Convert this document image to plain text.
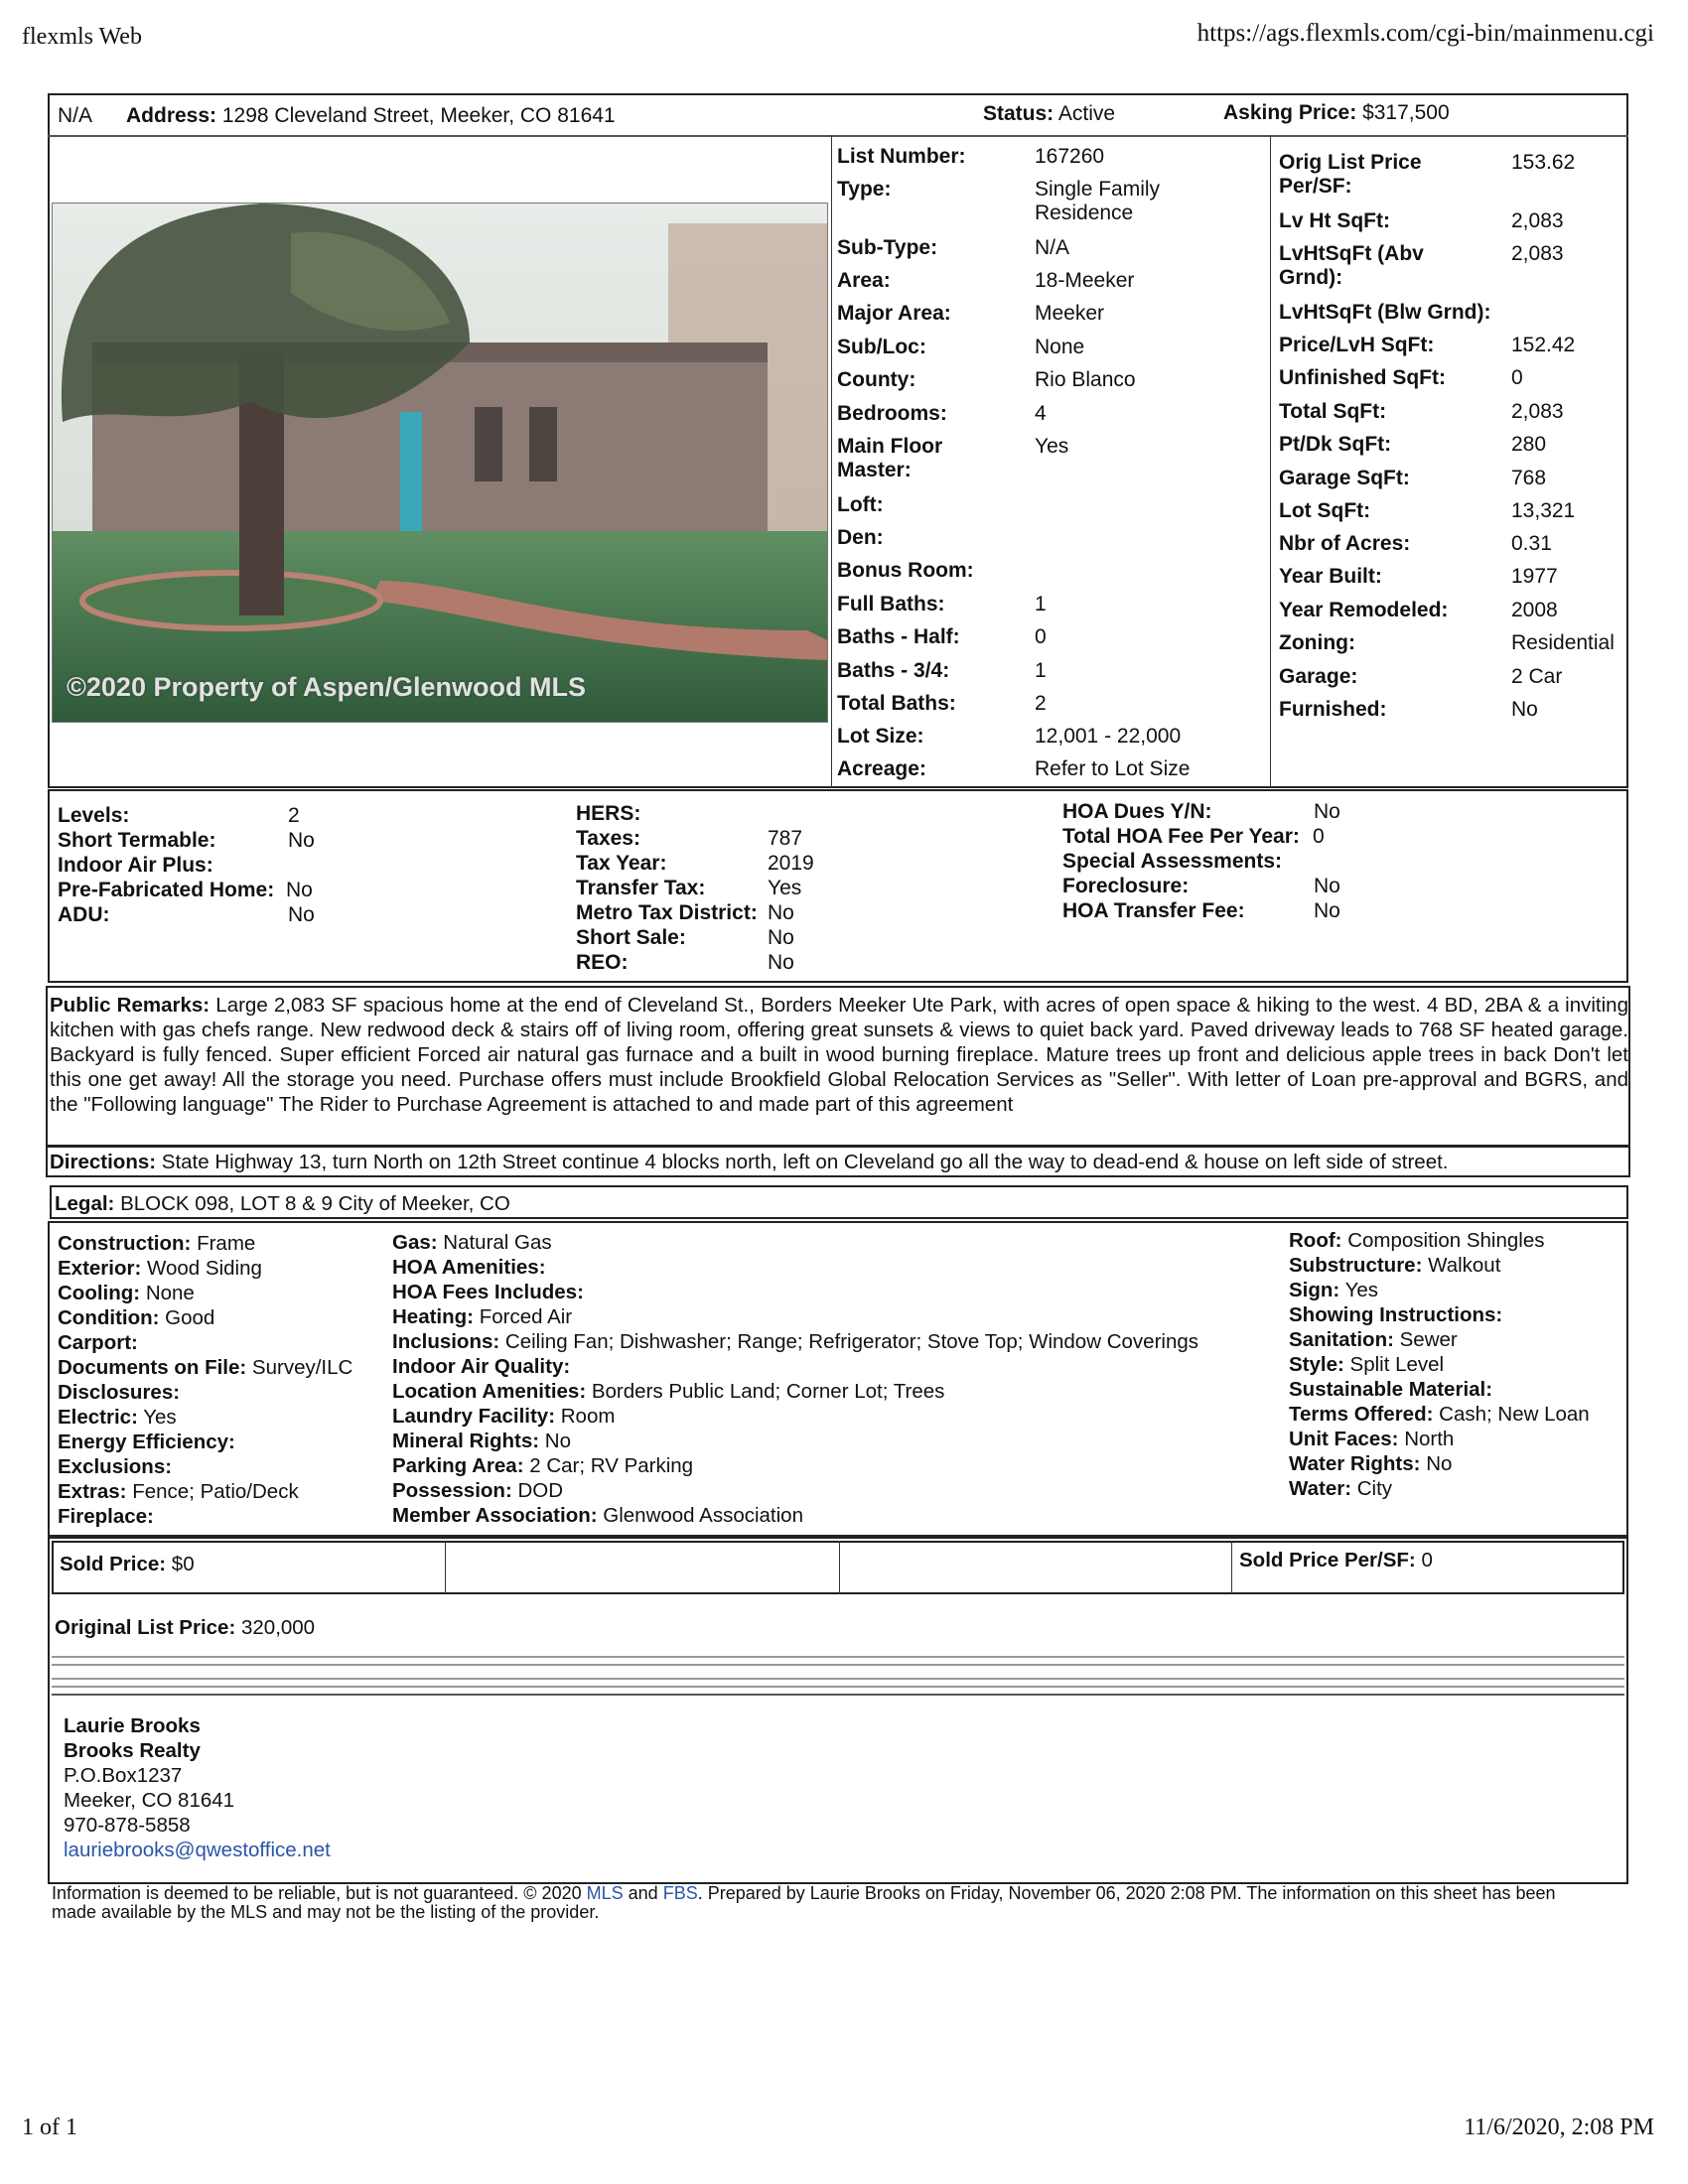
flexmls Web	https://ags.flexmls.com/cgi-bin/mainmenu.cgi
1 of 1	11/6/2020, 2:08 PM
N/A Address: 1298 Cleveland Street, Meeker, CO 81641	Status: Active	Asking Price: $317,500
©2020 Property of Aspen/Glenwood MLS
List Number:	167260
Type:	Single Family Residence
Sub-Type:	N/A
Area:	18-Meeker
Major Area:	Meeker
Sub/Loc:	None
County:	Rio Blanco
Bedrooms:	4
Main Floor Master:
Yes
Loft:
Den:
Bonus Room:
Full Baths:	1
Baths - Half:	0
Baths - 3/4:	1
Total Baths:	2
Lot Size:	12,001 - 22,000
Acreage:	Refer to Lot Size
Orig List Price Per/SF:
153.62
Lv Ht SqFt:	2,083
LvHtSqFt (Abv Grnd):
2,083
LvHtSqFt (Blw Grnd):
Price/LvH SqFt:	152.42
Unfinished SqFt:	0
Total SqFt:	2,083
Pt/Dk SqFt:	280
Garage SqFt:	768
Lot SqFt:	13,321
Nbr of Acres:	0.31
Year Built:	1977
Year Remodeled:	2008
Zoning:	Residential
Garage:	2 Car
Furnished:	No
Levels:	2
Short Termable:	No
Indoor Air Plus:
Pre-Fabricated Home: No
ADU:	No
HERS:
Taxes:	787
Tax Year:	2019
Transfer Tax:	Yes
Metro Tax District: No
Short Sale:	No
REO:	No
HOA Dues Y/N:	No
Total HOA Fee Per Year: 0
Special Assessments:
Foreclosure:	No
HOA Transfer Fee:	No
Public Remarks: Large 2,083 SF spacious home at the end of Cleveland St., Borders Meeker Ute Park, with acres of open space & hiking to the west. 4 BD, 2BA & a inviting kitchen with gas chefs range. New redwood deck & stairs off of living room, offering great sunsets & views to quiet back yard. Paved driveway leads to 768 SF heated garage. Backyard is fully fenced. Super efficient Forced air natural gas furnace and a built in wood burning fireplace. Mature trees up front and delicious apple trees in back Don't let this one get away! All the storage you need. Purchase offers must include Brookfield Global Relocation Services as "Seller". With letter of Loan pre-approval and BGRS, and the "Following language" The Rider to Purchase Agreement is attached to and made part of this agreement
Directions: State Highway 13, turn North on 12th Street continue 4 blocks north, left on Cleveland go all the way to dead-end & house on left side of street.
Legal: BLOCK 098, LOT 8 & 9 City of Meeker, CO
Construction: Frame
Exterior: Wood Siding
Cooling: None
Condition: Good
Carport:
Documents on File: Survey/ILC
Disclosures:
Electric: Yes
Energy Efficiency:
Exclusions:
Extras: Fence; Patio/Deck
Fireplace:
Gas: Natural Gas
HOA Amenities:
HOA Fees Includes:
Heating: Forced Air
Inclusions: Ceiling Fan; Dishwasher; Range; Refrigerator; Stove Top; Window Coverings
Indoor Air Quality:
Location Amenities: Borders Public Land; Corner Lot; Trees
Laundry Facility: Room
Mineral Rights: No
Parking Area: 2 Car; RV Parking
Possession: DOD
Member Association: Glenwood Association
Roof: Composition Shingles
Substructure: Walkout
Sign: Yes
Showing Instructions:
Sanitation: Sewer
Style: Split Level
Sustainable Material:
Terms Offered: Cash; New Loan
Unit Faces: North
Water Rights: No
Water: City
Sold Price: $0	Sold Price Per/SF: 0
Original List Price: 320,000
Laurie Brooks
Brooks Realty
P.O.Box1237
Meeker, CO 81641
970-878-5858
lauriebrooks@qwestoffice.net
Information is deemed to be reliable, but is not guaranteed. © 2020 MLS and FBS. Prepared by Laurie Brooks on Friday, November 06, 2020 2:08 PM. The information on this sheet has been made available by the MLS and may not be the listing of the provider.
